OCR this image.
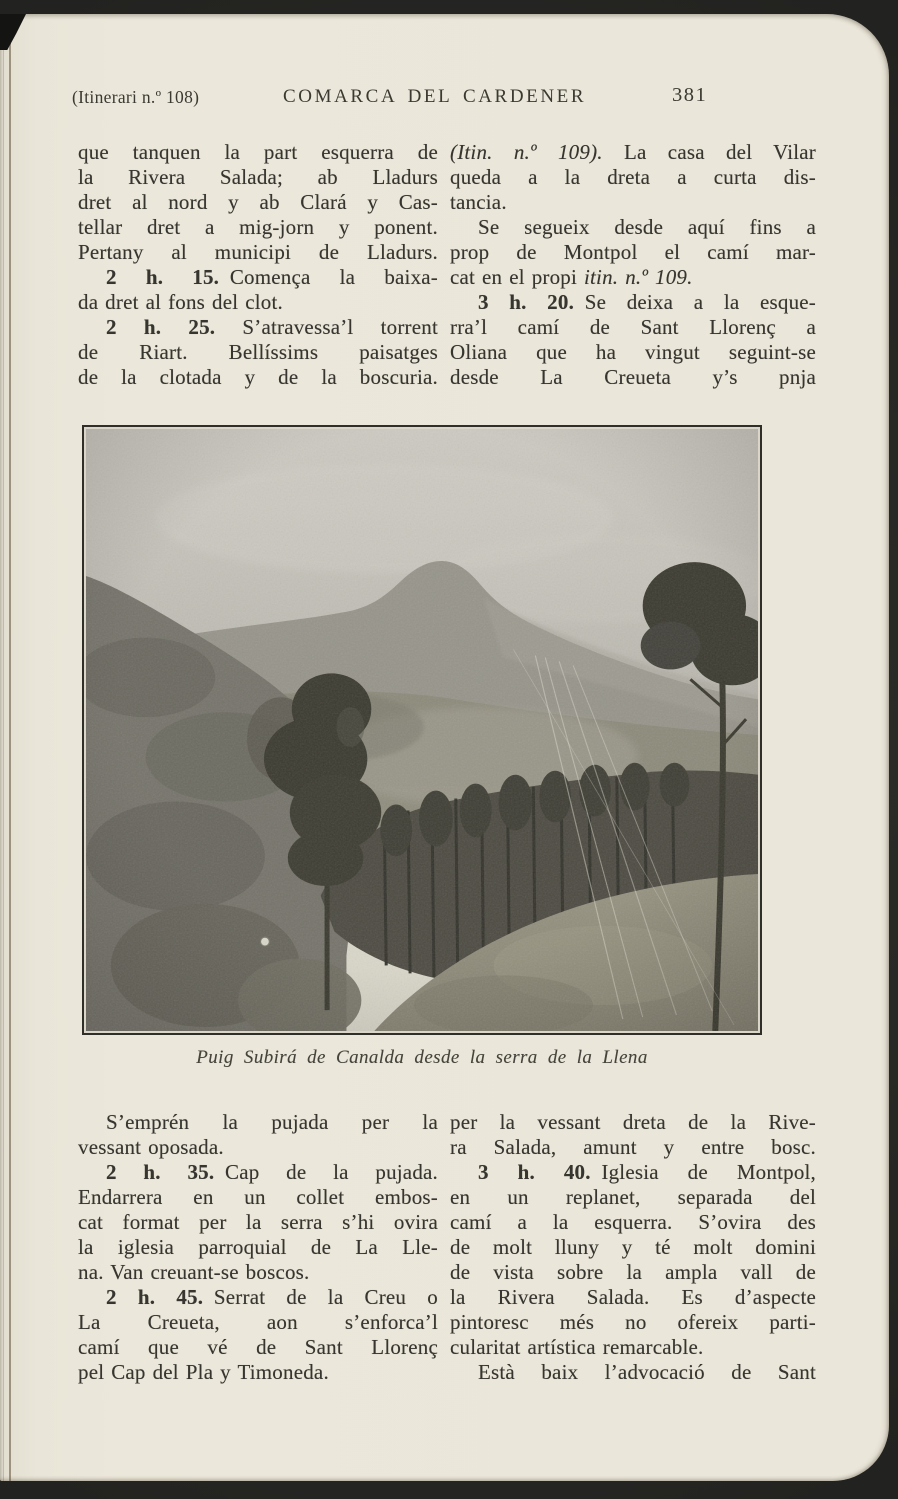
(Itinerari n.º 108)	COMARCA DEL CARDENER	381
que tanquen la part esquerra de
la Rivera Salada; ab Lladurs
dret al nord y ab Clará y Cas-
tellar dret a mig-jorn y ponent.
Pertany al municipi de Lladurs.
2 h. 15. Comença la baixa-
da dret al fons del clot.
2 h. 25. S’atravessa’l torrent
de Riart. Bellíssims paisatges
de la clotada y de la boscuria.
(Itin. n.º 109). La casa del Vilar
queda a la dreta a curta dis-
tancia.
Se segueix desde aquí fins a
prop de Montpol el camí mar-
cat en el propi itin. n.º 109.
3 h. 20. Se deixa a la esque-
rra’l camí de Sant Llorenç a
Oliana que ha vingut seguint-se
desde La Creueta y’s pnja
Puig Subirá de Canalda desde la serra de la Llena
S’emprén la pujada per la
vessant oposada.
2 h. 35. Cap de la pujada.
Endarrera en un collet embos-
cat format per la serra s’hi ovira
la iglesia parroquial de La Lle-
na. Van creuant-se boscos.
2 h. 45. Serrat de la Creu o
La Creueta, aon s’enforca’l
camí que vé de Sant Llorenç
pel Cap del Pla y Timoneda.
per la vessant dreta de la Rive-
ra Salada, amunt y entre bosc.
3 h. 40. Iglesia de Montpol,
en un replanet, separada del
camí a la esquerra. S’ovira des
de molt lluny y té molt domini
de vista sobre la ampla vall de
la Rivera Salada. Es d’aspecte
pintoresc més no ofereix parti-
cularitat artística remarcable.
Està baix l’advocació de Sant
